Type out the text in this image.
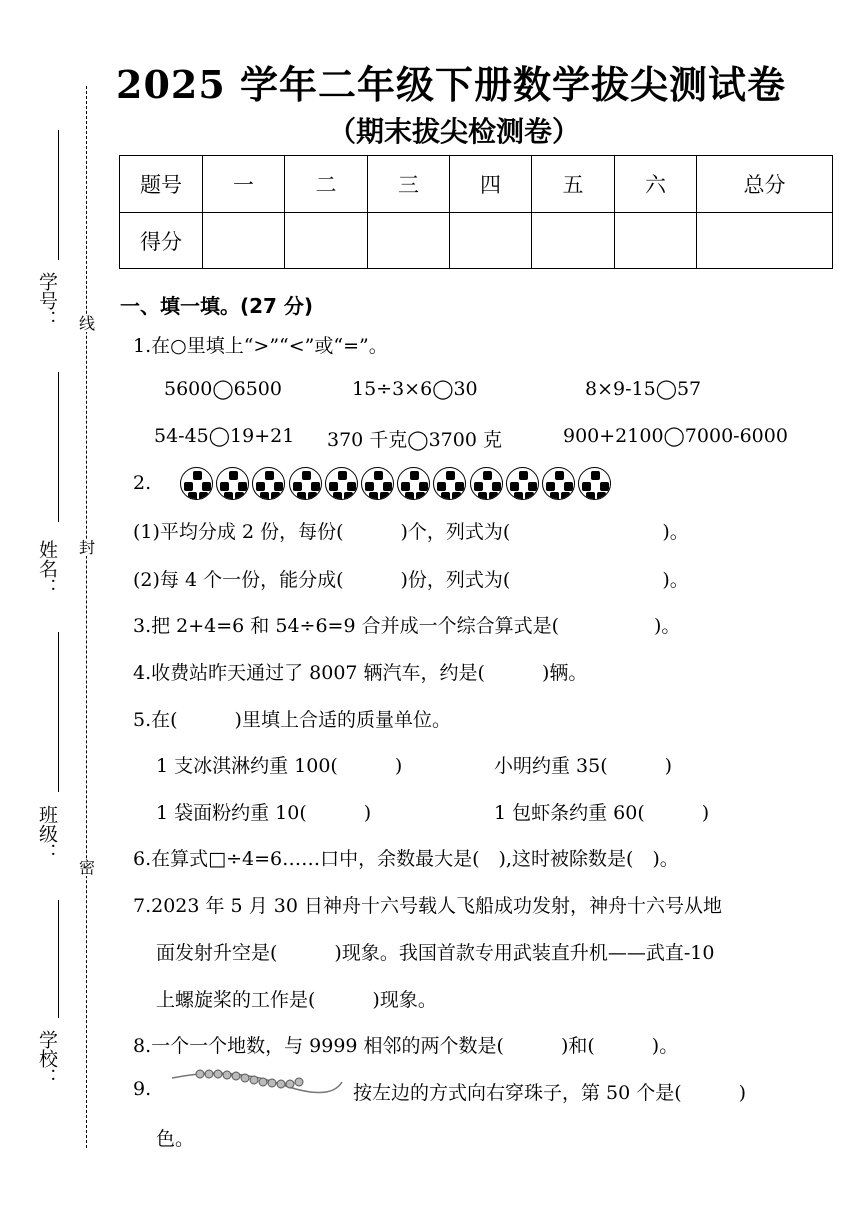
2025 学年二年级下册数学拔尖测试卷
（期末拔尖检测卷）
题号	一	二	三	四	五	六	总分
得分							
线
封
密
学号：
姓名：
班级：
学校：
一、填一填。(27 分)
1.在○里填上“>”“<”或“=”。
5600◯6500	15÷3×6◯30	8×9-15◯57
54-45◯19+21 370 千克◯3700 克	900+2100◯7000-6000
2.
(1)平均分成 2 份，每份(　　　)个，列式为(　　　　　　　　)。
(2)每 4 个一份，能分成(　　　)份，列式为(　　　　　　　　)。
3.把 2+4=6 和 54÷6=9 合并成一个综合算式是(　　　　　)。
4.收费站昨天通过了 8007 辆汽车，约是(　　　)辆。
5.在(　　　)里填上合适的质量单位。
1 支冰淇淋约重 100(　　　)	小明约重 35(　　　)
1 袋面粉约重 10(　　　)	1 包虾条约重 60(　　　)
6.在算式□÷4=6……口中，余数最大是(　),这时被除数是(　)。
7.2023 年 5 月 30 日神舟十六号载人飞船成功发射，神舟十六号从地
面发射升空是(　　　)现象。我国首款专用武装直升机——武直-10
上螺旋桨的工作是(　　　)现象。
8.一个一个地数，与 9999 相邻的两个数是(　　　)和(　　　)。
9.	按左边的方式向右穿珠子，第 50 个是(　　　)
色。
